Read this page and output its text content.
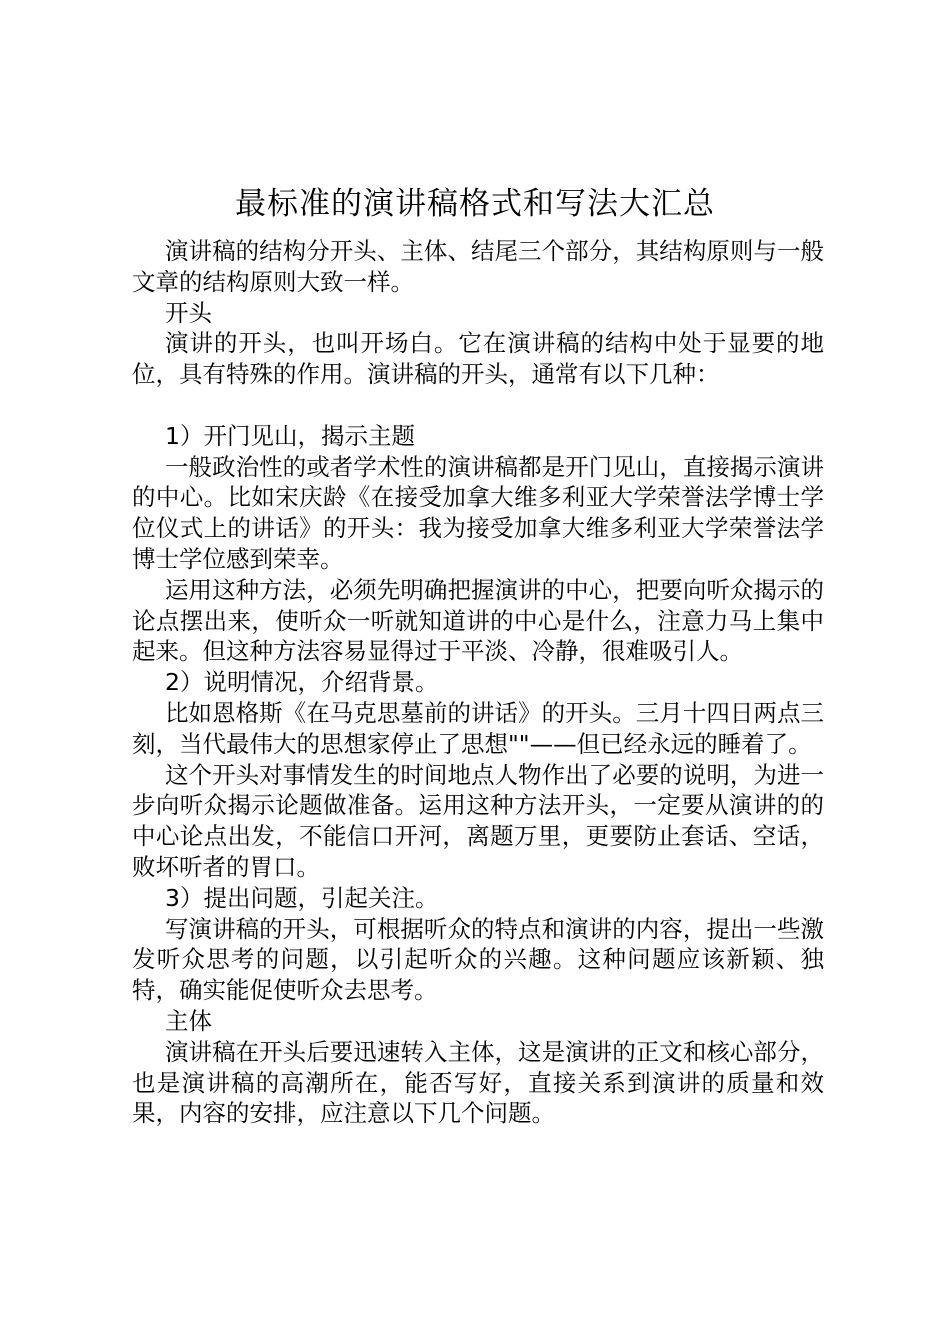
最标准的演讲稿格式和写法大汇总

演讲稿的结构分开头、主体、结尾三个部分，其结构原则与一般文章的结构原则大致一样。

开头

演讲的开头，也叫开场白。它在演讲稿的结构中处于显要的地位，具有特殊的作用。演讲稿的开头，通常有以下几种：

1）开门见山，揭示主题

一般政治性的或者学术性的演讲稿都是开门见山，直接揭示演讲的中心。比如宋庆龄《在接受加拿大维多利亚大学荣誉法学博士学位仪式上的讲话》的开头：我为接受加拿大维多利亚大学荣誉法学博士学位感到荣幸。

运用这种方法，必须先明确把握演讲的中心，把要向听众揭示的论点摆出来，使听众一听就知道讲的中心是什么，注意力马上集中起来。但这种方法容易显得过于平淡、冷静，很难吸引人。

2）说明情况，介绍背景。

比如恩格斯《在马克思墓前的讲话》的开头。三月十四日两点三刻，当代最伟大的思想家停止了思想""——但已经永远的睡着了。

这个开头对事情发生的时间地点人物作出了必要的说明，为进一步向听众揭示论题做准备。运用这种方法开头，一定要从演讲的的中心论点出发，不能信口开河，离题万里，更要防止套话、空话，败坏听者的胃口。

3）提出问题，引起关注。

写演讲稿的开头，可根据听众的特点和演讲的内容，提出一些激发听众思考的问题，以引起听众的兴趣。这种问题应该新颖、独特，确实能促使听众去思考。

主体

演讲稿在开头后要迅速转入主体，这是演讲的正文和核心部分，也是演讲稿的高潮所在，能否写好，直接关系到演讲的质量和效果，内容的安排，应注意以下几个问题。
